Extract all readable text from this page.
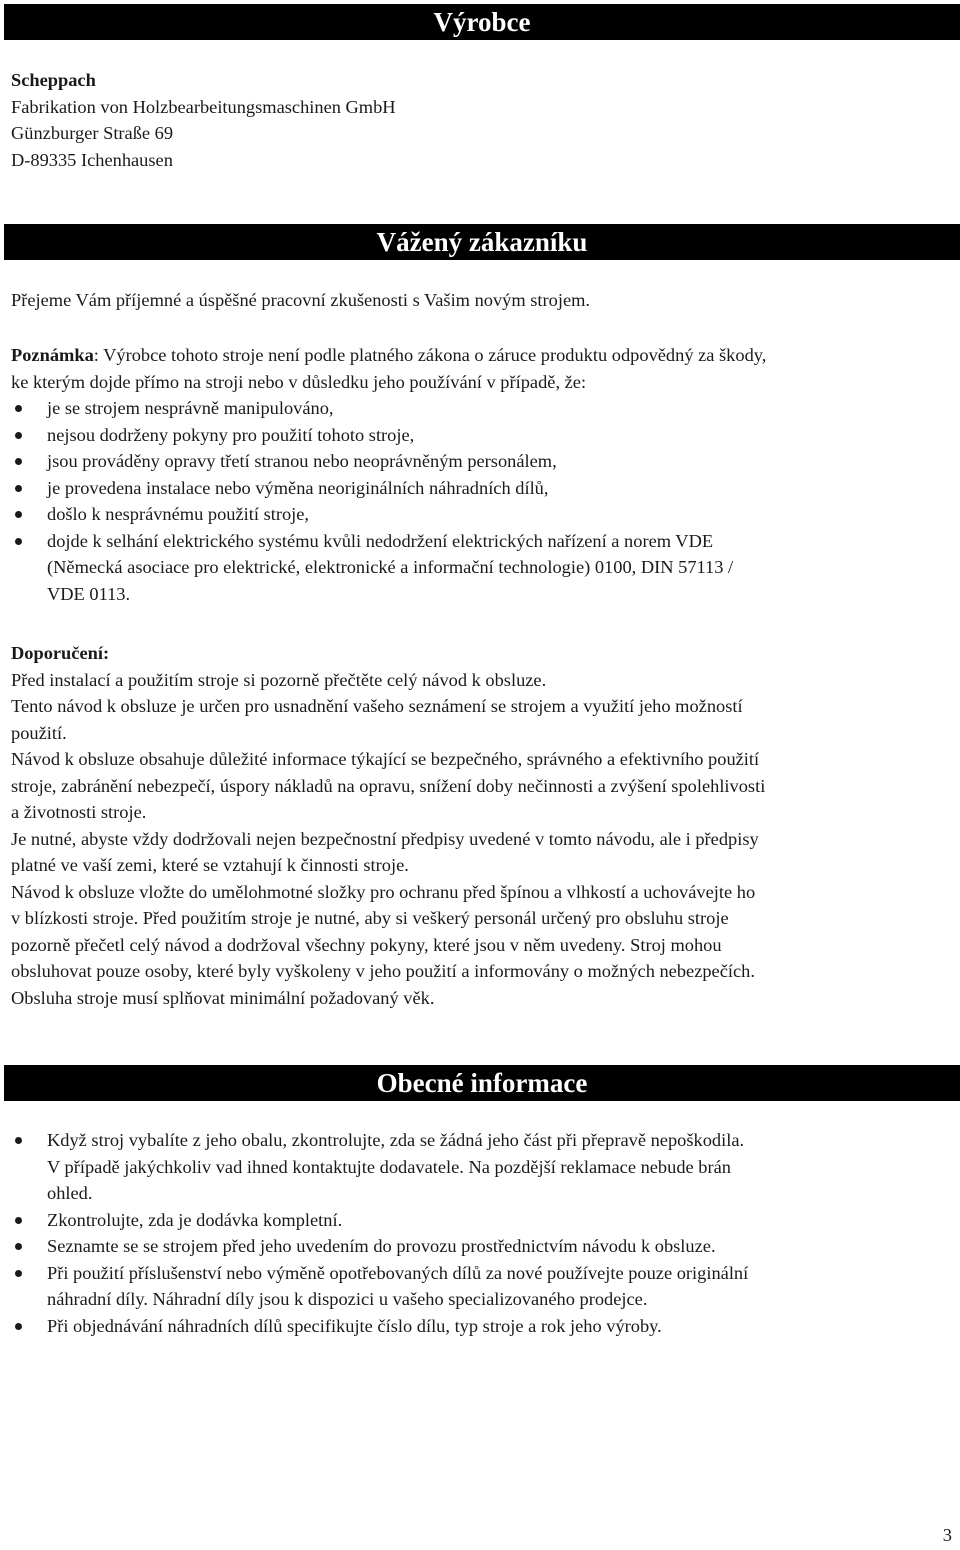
Výrobce
Scheppach
Fabrikation von Holzbearbeitungsmaschinen GmbH
Günzburger Straße 69
D-89335 Ichenhausen
Vážený zákazníku
Přejeme Vám příjemné a úspěšné pracovní zkušenosti s Vašim novým strojem.
Poznámka: Výrobce tohoto stroje není podle platného zákona o záruce produktu odpovědný za škody,
ke kterým dojde přímo na stroji nebo v důsledku jeho používání v případě, že:
je se strojem nesprávně manipulováno,
nejsou dodrženy pokyny pro použití tohoto stroje,
jsou prováděny opravy třetí stranou nebo neoprávněným personálem,
je provedena instalace nebo výměna neoriginálních náhradních dílů,
došlo k nesprávnému použití stroje,
dojde k selhání elektrického systému kvůli nedodržení elektrických nařízení a norem VDE
(Německá asociace pro elektrické, elektronické a informační technologie) 0100, DIN 57113 /
VDE 0113.
Doporučení:
Před instalací a použitím stroje si pozorně přečtěte celý návod k obsluze.
Tento návod k obsluze je určen pro usnadnění vašeho seznámení se strojem a využití jeho možností
použití.
Návod k obsluze obsahuje důležité informace týkající se bezpečného, správného a efektivního použití
stroje, zabránění nebezpečí, úspory nákladů na opravu, snížení doby nečinnosti a zvýšení spolehlivosti
a životnosti stroje.
Je nutné, abyste vždy dodržovali nejen bezpečnostní předpisy uvedené v tomto návodu, ale i předpisy
platné ve vaší zemi, které se vztahují k činnosti stroje.
Návod k obsluze vložte do umělohmotné složky pro ochranu před špínou a vlhkostí a uchovávejte ho
v blízkosti stroje. Před použitím stroje je nutné, aby si veškerý personál určený pro obsluhu stroje
pozorně přečetl celý návod a dodržoval všechny pokyny, které jsou v něm uvedeny. Stroj mohou
obsluhovat pouze osoby, které byly vyškoleny v jeho použití a informovány o možných nebezpečích.
Obsluha stroje musí splňovat minimální požadovaný věk.
Obecné informace
Když stroj vybalíte z jeho obalu, zkontrolujte, zda se žádná jeho část při přepravě nepoškodila.
V případě jakýchkoliv vad ihned kontaktujte dodavatele. Na pozdější reklamace nebude brán
ohled.
Zkontrolujte, zda je dodávka kompletní.
Seznamte se se strojem před jeho uvedením do provozu prostřednictvím návodu k obsluze.
Při použití příslušenství nebo výměně opotřebovaných dílů za nové používejte pouze originální
náhradní díly. Náhradní díly jsou k dispozici u vašeho specializovaného prodejce.
Při objednávání náhradních dílů specifikujte číslo dílu, typ stroje a rok jeho výroby.
3
